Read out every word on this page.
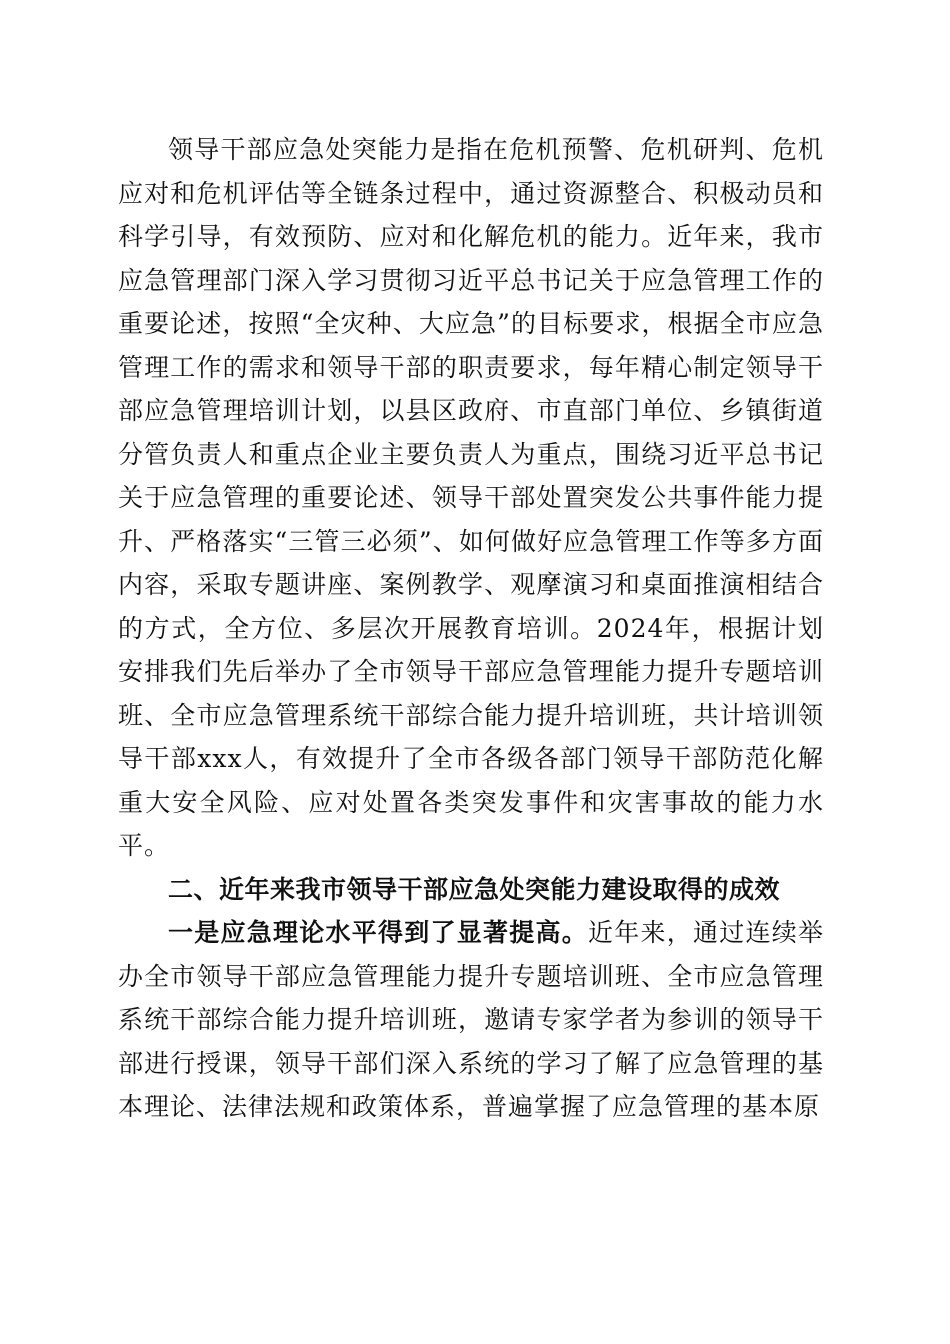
领导干部应急处突能力是指在危机预警、危机研判、危机应对和危机评估等全链条过程中，通过资源整合、积极动员和科学引导，有效预防、应对和化解危机的能力。近年来，我市应急管理部门深入学习贯彻习近平总书记关于应急管理工作的重要论述，按照“全灾种、大应急”的目标要求，根据全市应急管理工作的需求和领导干部的职责要求，每年精心制定领导干部应急管理培训计划，以县区政府、市直部门单位、乡镇街道分管负责人和重点企业主要负责人为重点，围绕习近平总书记关于应急管理的重要论述、领导干部处置突发公共事件能力提升、严格落实“三管三必须”、如何做好应急管理工作等多方面内容，采取专题讲座、案例教学、观摩演习和桌面推演相结合的方式，全方位、多层次开展教育培训。2024年，根据计划安排我们先后举办了全市领导干部应急管理能力提升专题培训班、全市应急管理系统干部综合能力提升培训班，共计培训领导干部xxx人，有效提升了全市各级各部门领导干部防范化解重大安全风险、应对处置各类突发事件和灾害事故的能力水平。

二、近年来我市领导干部应急处突能力建设取得的成效

一是应急理论水平得到了显著提高。近年来，通过连续举办全市领导干部应急管理能力提升专题培训班、全市应急管理系统干部综合能力提升培训班，邀请专家学者为参训的领导干部进行授课，领导干部们深入系统的学习了解了应急管理的基本理论、法律法规和政策体系，普遍掌握了应急管理的基本原
